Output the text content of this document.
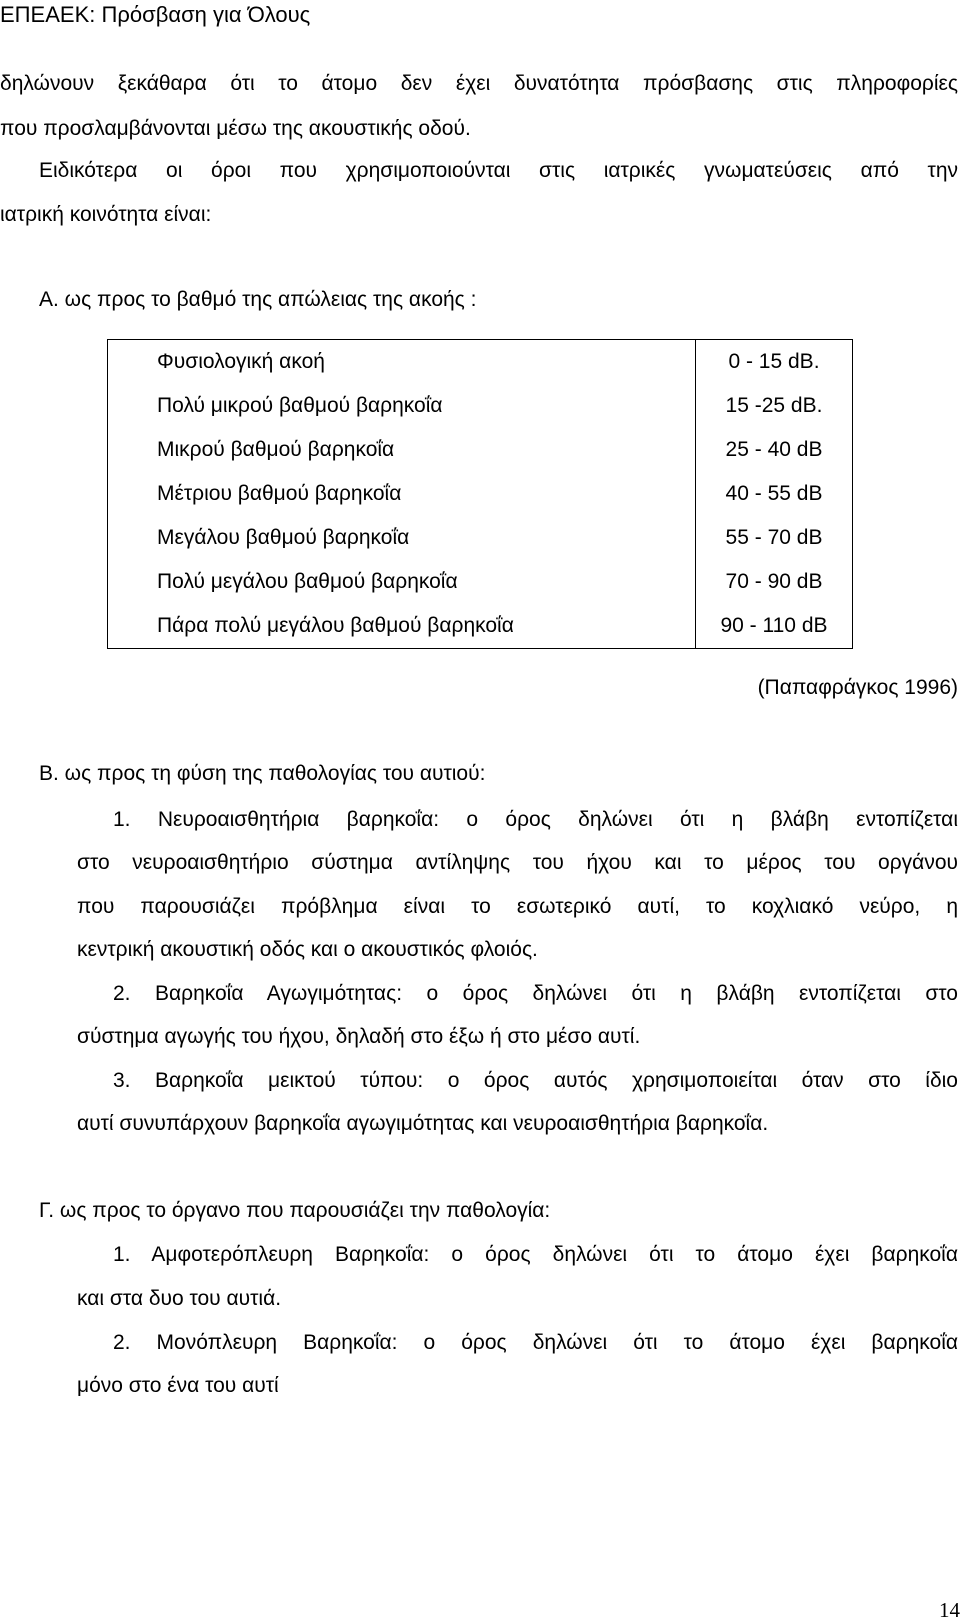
ΕΠΕΑΕΚ: Πρόσβαση για Όλους
δηλώνουν ξεκάθαρα ότι το άτομο δεν έχει δυνατότητα πρόσβασης στις πληροφορίες
που προσλαμβάνονται μέσω της ακουστικής οδού.
Ειδικότερα οι όροι που χρησιμοποιούνται στις ιατρικές γνωματεύσεις από την
ιατρική κοινότητα είναι:
Α. ως προς το βαθμό της απώλειας της ακοής :
Φυσιολογική ακοή	0 - 15 dB.
Πολύ μικρού βαθμού βαρηκοΐα	15 -25 dB.
Μικρού βαθμού βαρηκοΐα	25 - 40 dB
Μέτριου βαθμού βαρηκοΐα	40 - 55 dB
Μεγάλου βαθμού βαρηκοΐα	55 - 70 dB
Πολύ μεγάλου βαθμού βαρηκοΐα	70 - 90 dB
Πάρα πολύ μεγάλου βαθμού βαρηκοΐα	90 - 110 dB
(Παπαφράγκος 1996)
Β. ως προς τη φύση της παθολογίας του αυτιού:
1. Νευροαισθητήρια βαρηκοΐα: ο όρος δηλώνει ότι η βλάβη εντοπίζεται
στο νευροαισθητήριο σύστημα αντίληψης του ήχου και το μέρος του οργάνου
που παρουσιάζει πρόβλημα είναι το εσωτερικό αυτί, το κοχλιακό νεύρο, η
κεντρική ακουστική οδός και ο ακουστικός φλοιός.
2. Βαρηκοΐα Αγωγιμότητας: ο όρος δηλώνει ότι η βλάβη εντοπίζεται στο
σύστημα αγωγής του ήχου, δηλαδή στο έξω ή στο μέσο αυτί.
3. Βαρηκοΐα μεικτού τύπου: ο όρος αυτός χρησιμοποιείται όταν στο ίδιο
αυτί συνυπάρχουν βαρηκοΐα αγωγιμότητας και νευροαισθητήρια βαρηκοΐα.
Γ. ως προς το όργανο που παρουσιάζει την παθολογία:
1. Αμφοτερόπλευρη Βαρηκοΐα: ο όρος δηλώνει ότι το άτομο έχει βαρηκοΐα
και στα δυο του αυτιά.
2. Μονόπλευρη Βαρηκοΐα: ο όρος δηλώνει ότι το άτομο έχει βαρηκοΐα
μόνο στο ένα του αυτί
14
